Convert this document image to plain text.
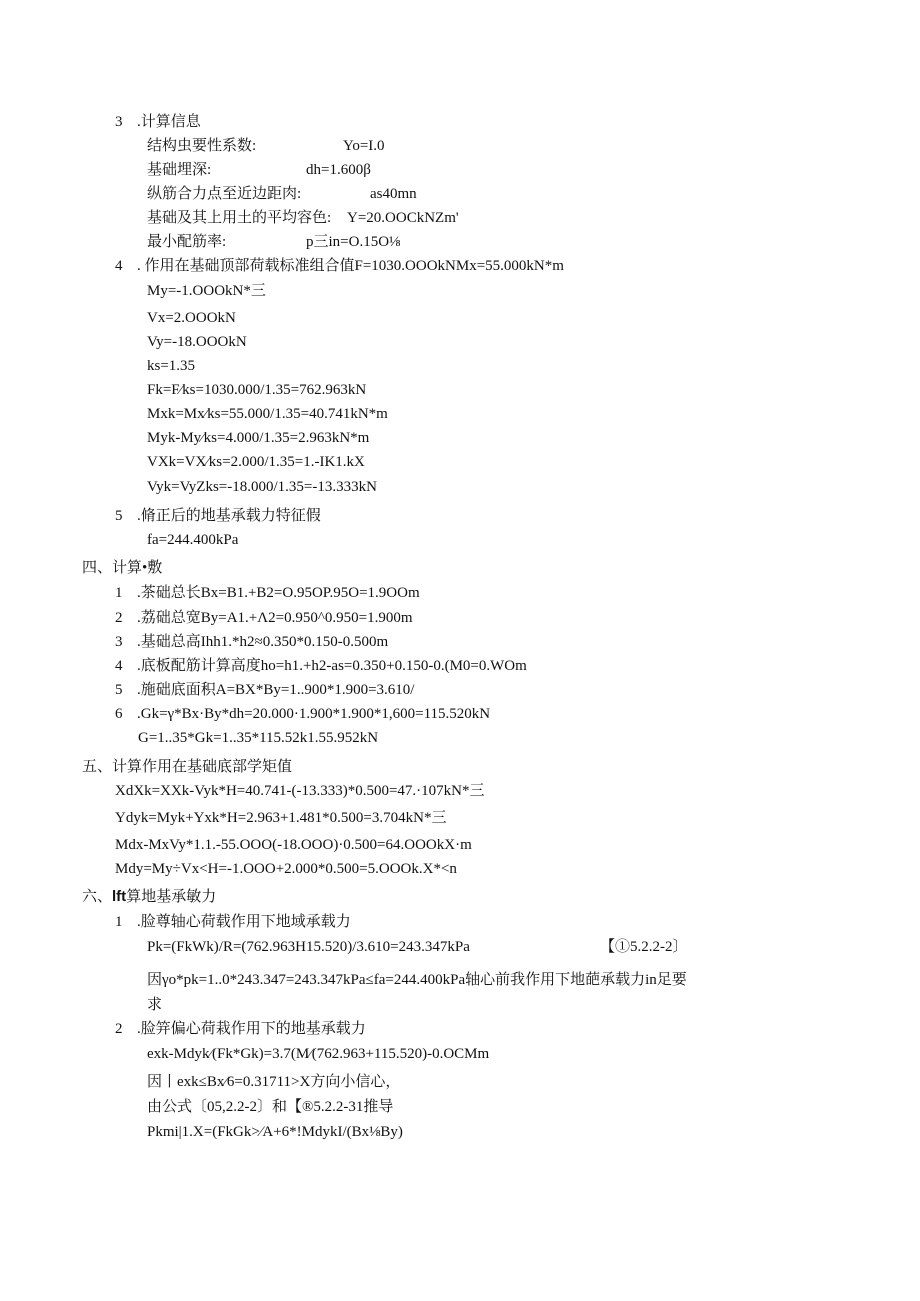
3 .计算信息
结构虫要性系数:	Yo=I.0
基础埋深:	dh=1.600β
纵筋合力点至近边距肉:	as40mn
基础及其上用土的平均容色: Y=20.OOCkNZm'
最小配筋率:	p三in=O.15O⅛
4 . 作用在基础顶部荷载标准组合值F=1030.OOOkNMx=55.000kN*m
My=-1.OOOkN*三
Vx=2.OOOkN
Vy=-18.OOOkN
ks=1.35
Fk=F⁄ks=1030.000/1.35=762.963kN
Mxk=Mx⁄ks=55.000/1.35=40.741kN*m
Myk-My⁄ks=4.000/1.35=2.963kN*m
VXk=VX⁄ks=2.000/1.35=1.-IK1.kX
Vyk=VyZks=-18.000/1.35=-13.333kN
5 .脩正后的地基承载力特征假
fa=244.400kPa
四、计算•敷
1 .茶础总长Bx=B1.+B2=O.95OP.95O=1.9OOm
2 .荔础总宽By=A1.+Λ2=0.950^0.950=1.900m
3 .基础总高Ihh1.*h2≈0.350*0.150-0.500m
4 .底板配筋计算高度ho=h1.+h2-as=0.350+0.150-0.(M0=0.WOm
5 .施础底面积A=BX*By=1..900*1.900=3.610/
6 .Gk=γ*Bx·By*dh=20.000·1.900*1.900*1,600=115.520kN
G=1..35*Gk=1..35*115.52k1.55.952kN
五、计算作用在基础底部学矩值
XdXk=XXk-Vyk*H=40.741-(-13.333)*0.500=47.·107kN*三
Ydyk=Myk+Yxk*H=2.963+1.481*0.500=3.704kN*三
Mdx-MxVy*1.1.-55.OOO(-18.OOO)·0.500=64.OOOkX·m
Mdy=My÷Vx<H=-1.OOO+2.000*0.500=5.OOOk.X*<n
六、lft算地基承敏力
1 .脸尊轴心荷载作用下地域承载力
Pk=(FkWk)/R=(762.963H15.520)/3.610=243.347kPa	【①5.2.2-2〕
因γo*pk=1..0*243.347=243.347kPa≤fa=244.400kPa轴心前我作用下地葩承载力in足要
求
2 .脸笄偏心荷栽作用下的地基承载力
exk-Mdyk⁄(Fk*Gk)=3.7(M⁄(762.963+115.520)-0.OCMm
因丨exk≤Bx⁄6=0.31711>X方向小信心，
由公式〔05,2.2-2〕和【®5.2.2-31推导
Pkmi|1.X=(FkGk>⁄A+6*!MdykI/(Bx⅛By)
